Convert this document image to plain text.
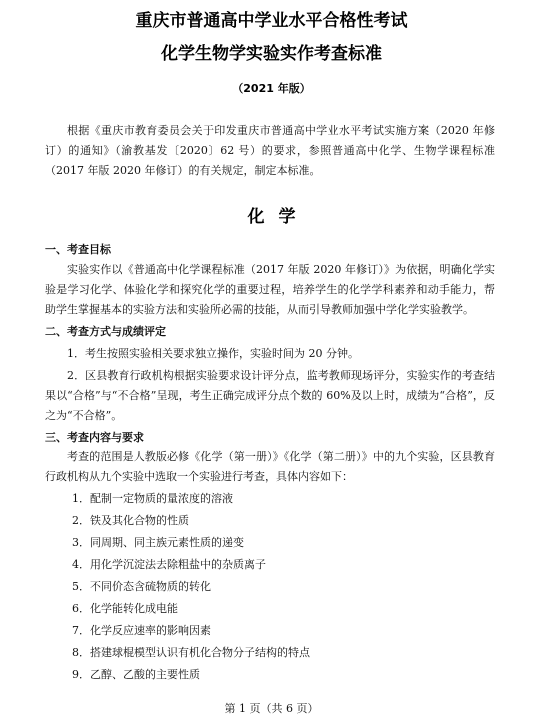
重庆市普通高中学业水平合格性考试
化学生物学实验实作考查标准
（2021 年版）

根据《重庆市教育委员会关于印发重庆市普通高中学业水平考试实施方案（2020 年修订）的通知》（渝教基发〔2020〕62 号）的要求，参照普通高中化学、生物学课程标准（2017 年版 2020 年修订）的有关规定，制定本标准。

化学
一、考查目标

实验实作以《普通高中化学课程标准（2017 年版 2020 年修订）》为依据，明确化学实验是学习化学、体验化学和探究化学的重要过程，培养学生的化学学科素养和动手能力，帮助学生掌握基本的实验方法和实验所必需的技能，从而引导教师加强中学化学实验教学。

二、考查方式与成绩评定

1．考生按照实验相关要求独立操作，实验时间为 20 分钟。

2．区县教育行政机构根据实验要求设计评分点，监考教师现场评分，实验实作的考查结果以“合格”与“不合格”呈现，考生正确完成评分点个数的 60%及以上时，成绩为“合格”，反之为“不合格”。

三、考查内容与要求

考查的范围是人教版必修《化学（第一册）》《化学（第二册）》中的九个实验，区县教育行政机构从九个实验中选取一个实验进行考查，具体内容如下：

1．配制一定物质的量浓度的溶液
2．铁及其化合物的性质
3．同周期、同主族元素性质的递变
4．用化学沉淀法去除粗盐中的杂质离子
5．不同价态含硫物质的转化
6．化学能转化成电能
7．化学反应速率的影响因素
8．搭建球棍模型认识有机化合物分子结构的特点
9．乙醇、乙酸的主要性质
第 1 页（共 6 页）
